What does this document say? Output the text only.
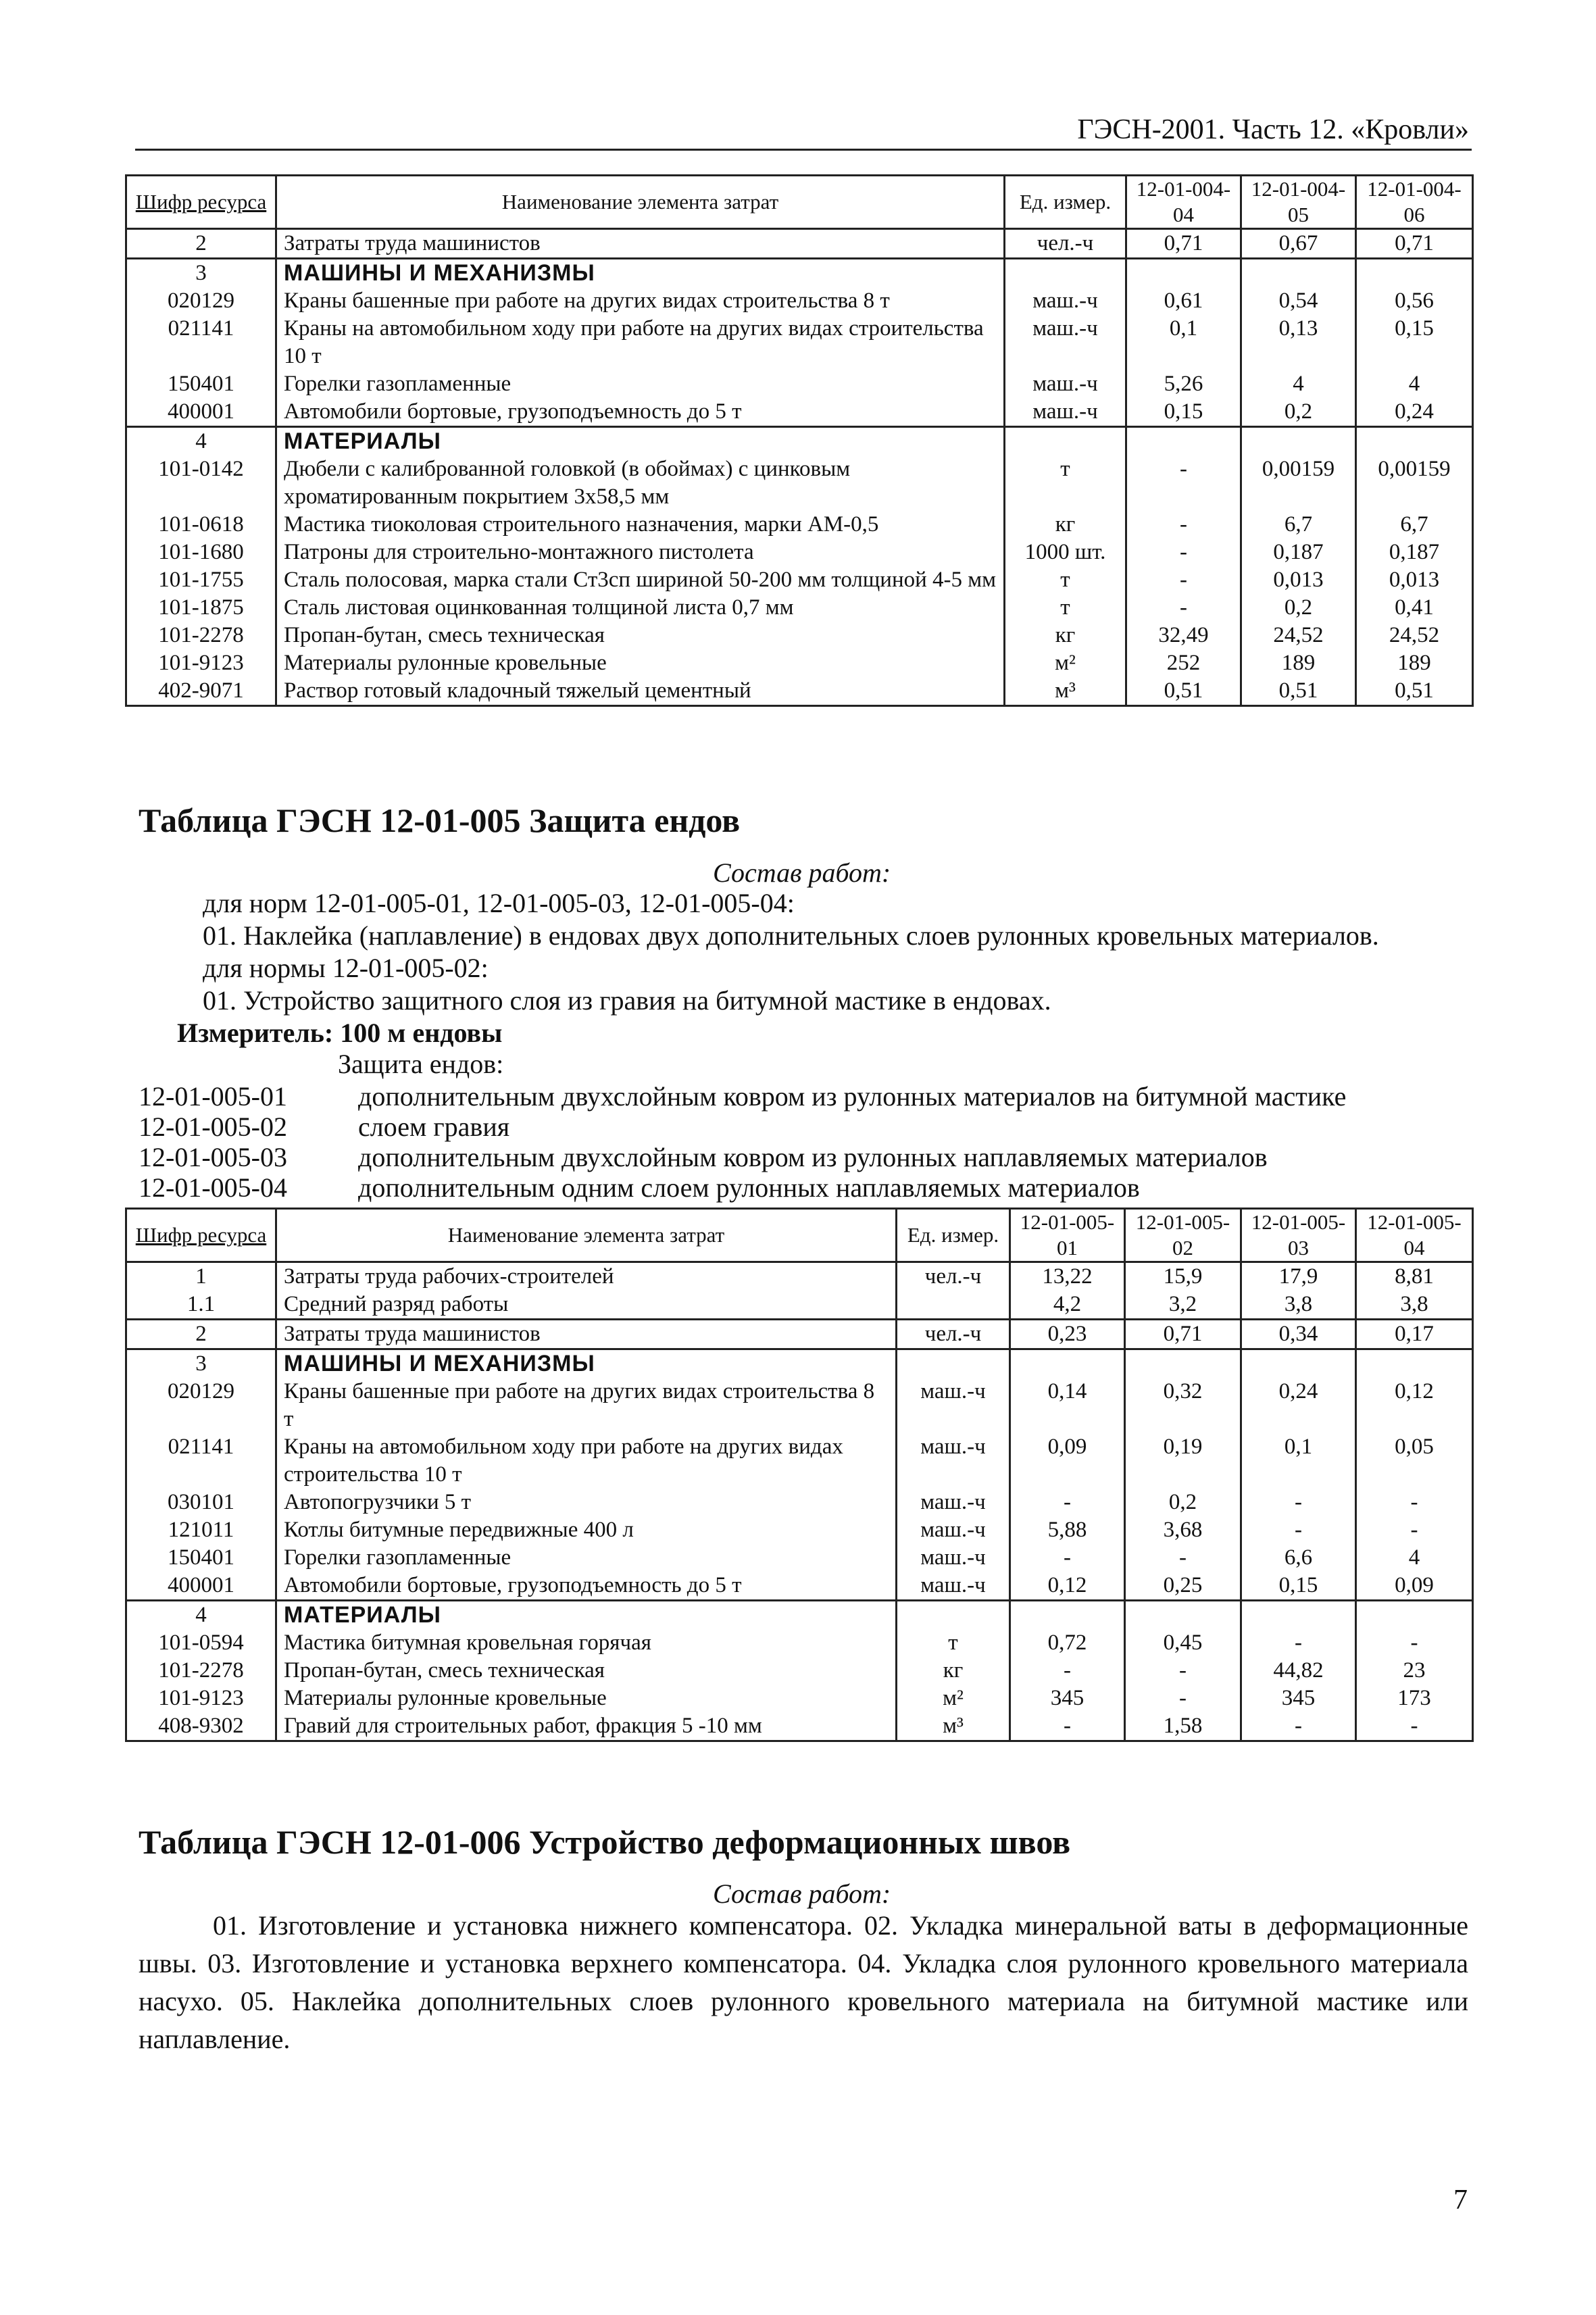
ГЭСН-2001. Часть 12. «Кровли»
Шифр ресурса	Наименование элемента затрат	Ед. измер.	12-01-004-04	12-01-004-05	12-01-004-06
2	Затраты труда машинистов	чел.-ч	0,71	0,67	0,71
3	МАШИНЫ И МЕХАНИЗМЫ				
020129	Краны башенные при работе на других видах строительства 8 т	маш.-ч	0,61	0,54	0,56
021141	Краны на автомобильном ходу при работе на других видах строительства 10 т	маш.-ч	0,1	0,13	0,15
150401	Горелки газопламенные	маш.-ч	5,26	4	4
400001	Автомобили бортовые, грузоподъемность до 5 т	маш.-ч	0,15	0,2	0,24
4	МАТЕРИАЛЫ				
101-0142	Дюбели с калиброванной головкой (в обоймах) с цинковым хроматированным покрытием 3х58,5 мм	т	-	0,00159	0,00159
101-0618	Мастика тиоколовая строительного назначения, марки АМ-0,5	кг	-	6,7	6,7
101-1680	Патроны для строительно-монтажного пистолета	1000 шт.	-	0,187	0,187
101-1755	Сталь полосовая, марка стали Ст3сп шириной 50-200 мм толщиной 4-5 мм	т	-	0,013	0,013
101-1875	Сталь листовая оцинкованная толщиной листа 0,7 мм	т	-	0,2	0,41
101-2278	Пропан-бутан, смесь техническая	кг	32,49	24,52	24,52
101-9123	Материалы рулонные кровельные	м²	252	189	189
402-9071	Раствор готовый кладочный тяжелый цементный	м³	0,51	0,51	0,51
Таблица ГЭСН 12-01-005 Защита ендов
Состав работ:
для норм 12-01-005-01, 12-01-005-03, 12-01-005-04:
01. Наклейка (наплавление) в ендовах двух дополнительных слоев рулонных кровельных материалов.
для нормы 12-01-005-02:
01. Устройство защитного слоя из гравия на битумной мастике в ендовах.
Измеритель: 100 м ендовы
Защита ендов:
12-01-005-01	дополнительным двухслойным ковром из рулонных материалов на битумной мастике
12-01-005-02	слоем гравия
12-01-005-03	дополнительным двухслойным ковром из рулонных наплавляемых материалов
12-01-005-04	дополнительным одним слоем рулонных наплавляемых материалов
Шифр ресурса	Наименование элемента затрат	Ед. измер.	12-01-005-01	12-01-005-02	12-01-005-03	12-01-005-04
1	Затраты труда рабочих-строителей	чел.-ч	13,22	15,9	17,9	8,81
1.1	Средний разряд работы		4,2	3,2	3,8	3,8
2	Затраты труда машинистов	чел.-ч	0,23	0,71	0,34	0,17
3	МАШИНЫ И МЕХАНИЗМЫ					
020129	Краны башенные при работе на других видах строительства 8 т	маш.-ч	0,14	0,32	0,24	0,12
021141	Краны на автомобильном ходу при работе на других видах строительства 10 т	маш.-ч	0,09	0,19	0,1	0,05
030101	Автопогрузчики 5 т	маш.-ч	-	0,2	-	-
121011	Котлы битумные передвижные 400 л	маш.-ч	5,88	3,68	-	-
150401	Горелки газопламенные	маш.-ч	-	-	6,6	4
400001	Автомобили бортовые, грузоподъемность до 5 т	маш.-ч	0,12	0,25	0,15	0,09
4	МАТЕРИАЛЫ					
101-0594	Мастика битумная кровельная горячая	т	0,72	0,45	-	-
101-2278	Пропан-бутан, смесь техническая	кг	-	-	44,82	23
101-9123	Материалы рулонные кровельные	м²	345	-	345	173
408-9302	Гравий для строительных работ, фракция 5 -10 мм	м³	-	1,58	-	-
Таблица ГЭСН 12-01-006 Устройство деформационных швов
Состав работ:
01. Изготовление и установка нижнего компенсатора. 02. Укладка минеральной ваты в деформационные швы. 03. Изготовление и установка верхнего компенсатора. 04. Укладка слоя рулонного кровельного материала насухо. 05. Наклейка дополнительных слоев рулонного кровельного материала на битумной мастике или наплавление.
7
